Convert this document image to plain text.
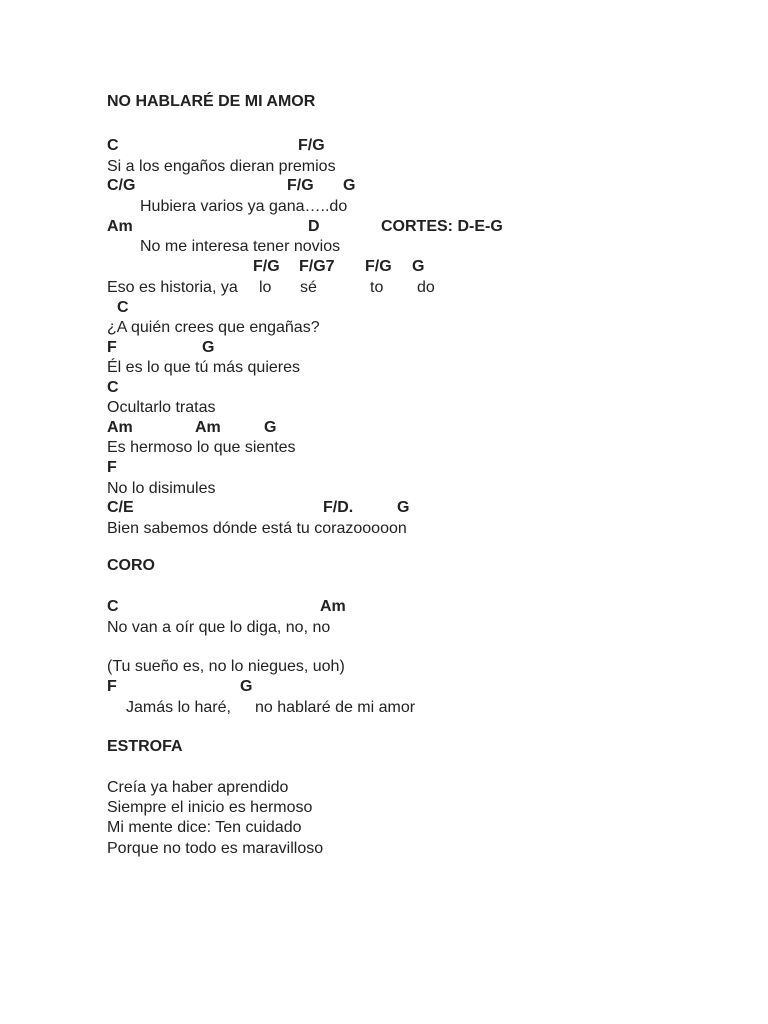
NO HABLARÉ DE MI AMOR
C	F/G
Si a los engaños dieran premios
C/G	F/G G
Hubiera varios ya gana…..do
Am	D	CORTES: D-E-G
No me interesa tener novios
F/G F/G7 F/G G
Eso es historia, ya lo sé	to do
C
¿A quién crees que engañas?
F	G
Él es lo que tú más quieres
C
Ocultarlo tratas
Am	Am	G
Es hermoso lo que sientes
F
No lo disimules
C/E	F/D.	G
Bien sabemos dónde está tu corazooooon
CORO
C	Am
No van a oír que lo diga, no, no
(Tu sueño es, no lo niegues, uoh)
F	G
Jamás lo haré, no hablaré de mi amor
ESTROFA
Creía ya haber aprendido
Siempre el inicio es hermoso
Mi mente dice: Ten cuidado
Porque no todo es maravilloso
